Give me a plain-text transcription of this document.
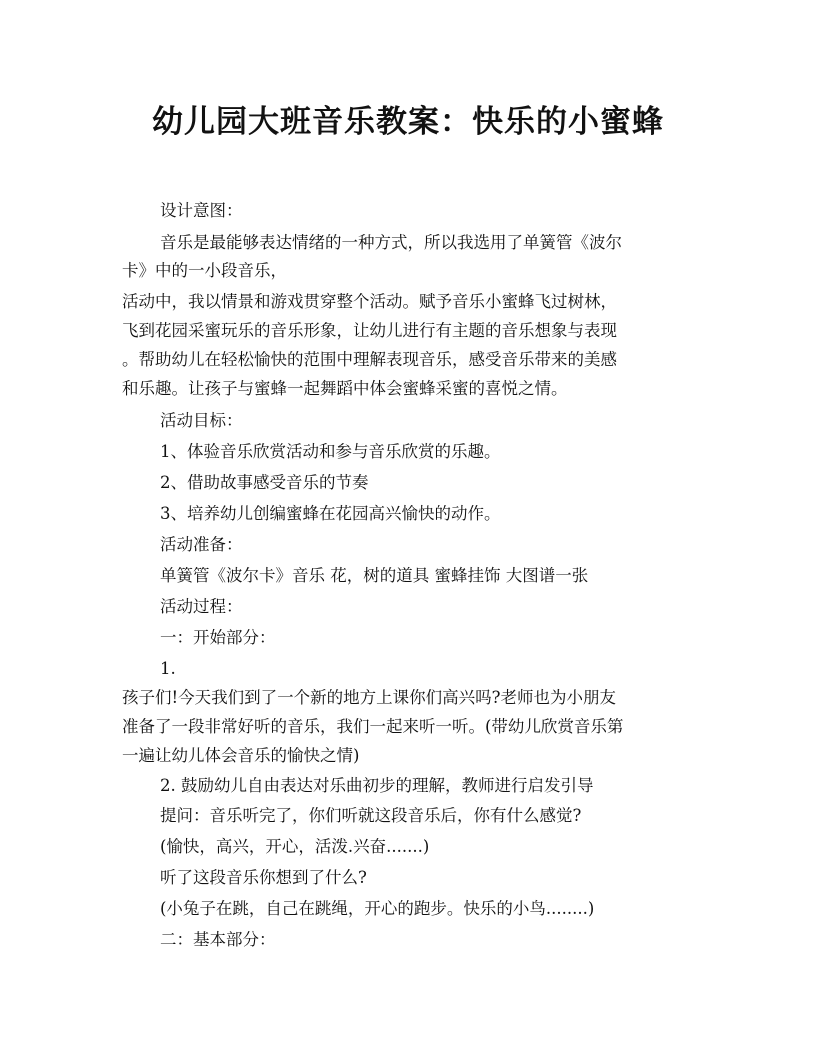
幼儿园大班音乐教案：快乐的小蜜蜂
设计意图：
音乐是最能够表达情绪的一种方式，所以我选用了单簧管《波尔
卡》中的一小段音乐，
活动中，我以情景和游戏贯穿整个活动。赋予音乐小蜜蜂飞过树林，
飞到花园采蜜玩乐的音乐形象，让幼儿进行有主题的音乐想象与表现
。帮助幼儿在轻松愉快的范围中理解表现音乐，感受音乐带来的美感
和乐趣。让孩子与蜜蜂一起舞蹈中体会蜜蜂采蜜的喜悦之情。
活动目标：
1、体验音乐欣赏活动和参与音乐欣赏的乐趣。
2、借助故事感受音乐的节奏
3、培养幼儿创编蜜蜂在花园高兴愉快的动作。
活动准备：
单簧管《波尔卡》音乐 花，树的道具 蜜蜂挂饰 大图谱一张
活动过程：
一：开始部分：
1.
孩子们!今天我们到了一个新的地方上课你们高兴吗?老师也为小朋友
准备了一段非常好听的音乐，我们一起来听一听。(带幼儿欣赏音乐第
一遍让幼儿体会音乐的愉快之情)
2. 鼓励幼儿自由表达对乐曲初步的理解，教师进行启发引导
提问：音乐听完了，你们听就这段音乐后，你有什么感觉?
(愉快，高兴，开心，活泼.兴奋.......)
听了这段音乐你想到了什么?
(小兔子在跳，自己在跳绳，开心的跑步。快乐的小鸟........)
二：基本部分：
